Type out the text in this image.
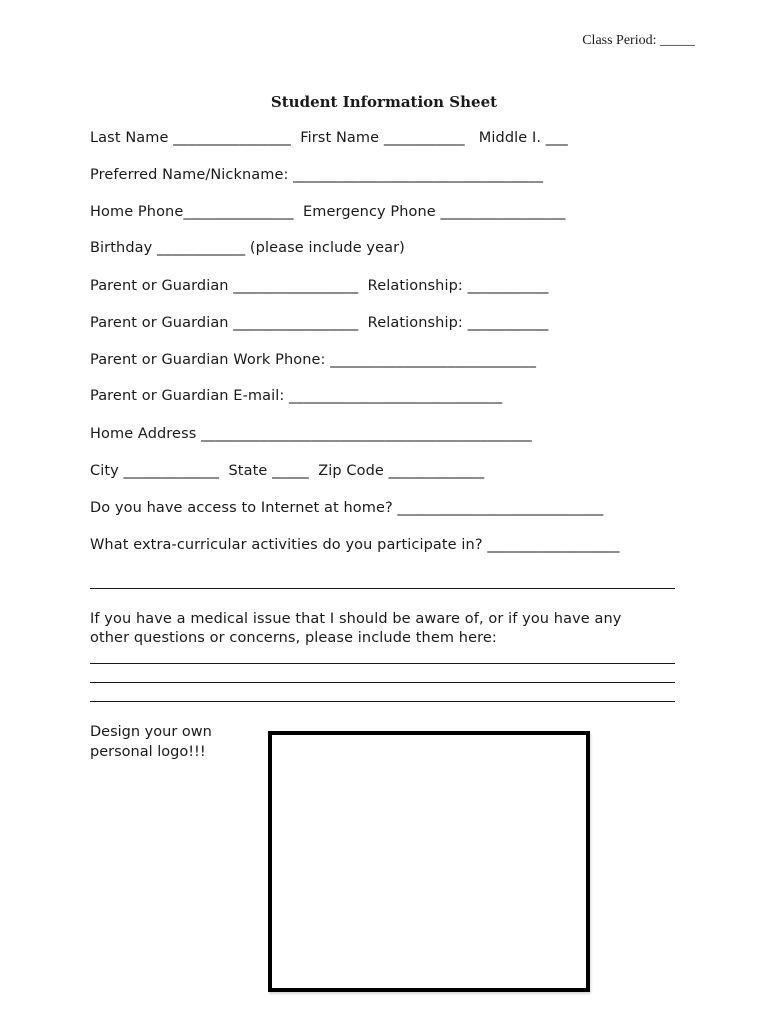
Class Period: _____
Student Information Sheet
Last Name ________________  First Name ___________   Middle I. ___
Preferred Name/Nickname: __________________________________
Home Phone_______________  Emergency Phone _________________
Birthday ____________ (please include year)
Parent or Guardian _________________  Relationship: ___________
Parent or Guardian _________________  Relationship: ___________
Parent or Guardian Work Phone: ____________________________
Parent or Guardian E-mail: _____________________________
Home Address _____________________________________________
City _____________  State _____  Zip Code _____________
Do you have access to Internet at home? ____________________________
What extra-curricular activities do you participate in? __________________
If you have a medical issue that I should be aware of, or if you have any
other questions or concerns, please include them here:
Design your own
personal logo!!!
